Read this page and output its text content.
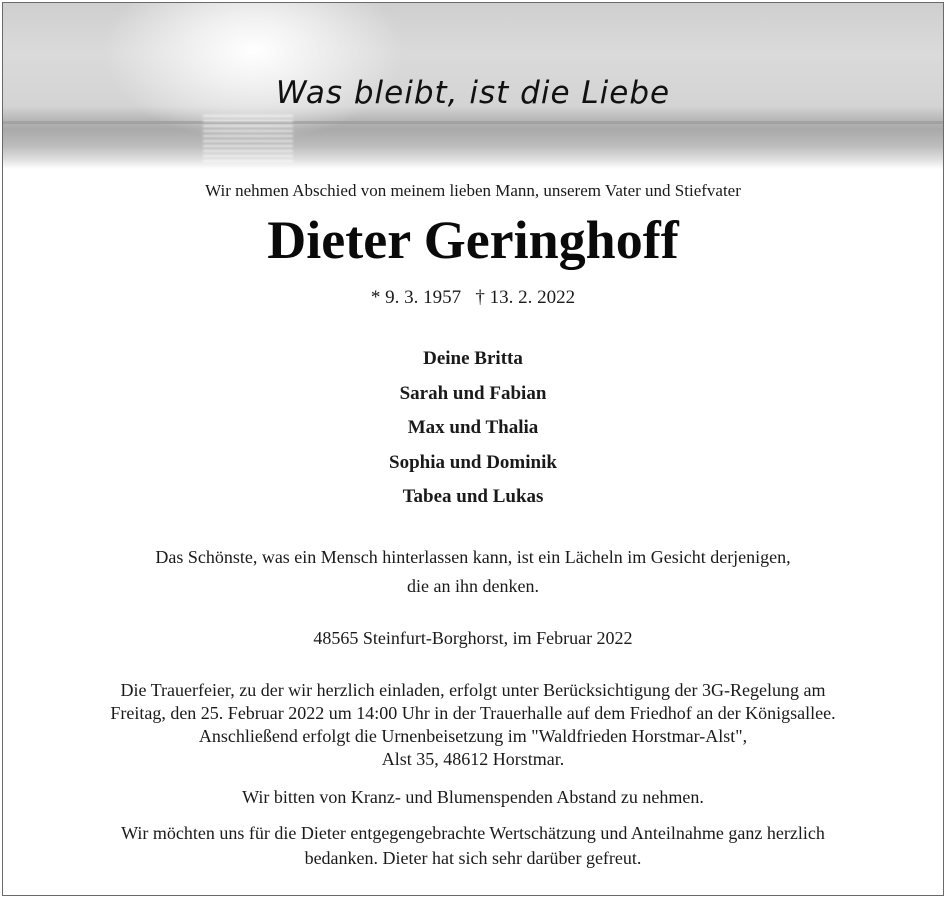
Was bleibt, ist die Liebe
Wir nehmen Abschied von meinem lieben Mann, unserem Vater und Stiefvater
Dieter Geringhoff
* 9. 3. 1957   † 13. 2. 2022
Deine Britta
Sarah und Fabian
Max und Thalia
Sophia und Dominik
Tabea und Lukas
Das Schönste, was ein Mensch hinterlassen kann, ist ein Lächeln im Gesicht derjenigen,
die an ihn denken.
48565 Steinfurt-Borghorst, im Februar 2022
Die Trauerfeier, zu der wir herzlich einladen, erfolgt unter Berücksichtigung der 3G-Regelung am
Freitag, den 25. Februar 2022 um 14:00 Uhr in der Trauerhalle auf dem Friedhof an der Königsallee.
Anschließend erfolgt die Urnenbeisetzung im "Waldfrieden Horstmar-Alst",
Alst 35, 48612 Horstmar.
Wir bitten von Kranz- und Blumenspenden Abstand zu nehmen.
Wir möchten uns für die Dieter entgegengebrachte Wertschätzung und Anteilnahme ganz herzlich
bedanken. Dieter hat sich sehr darüber gefreut.
